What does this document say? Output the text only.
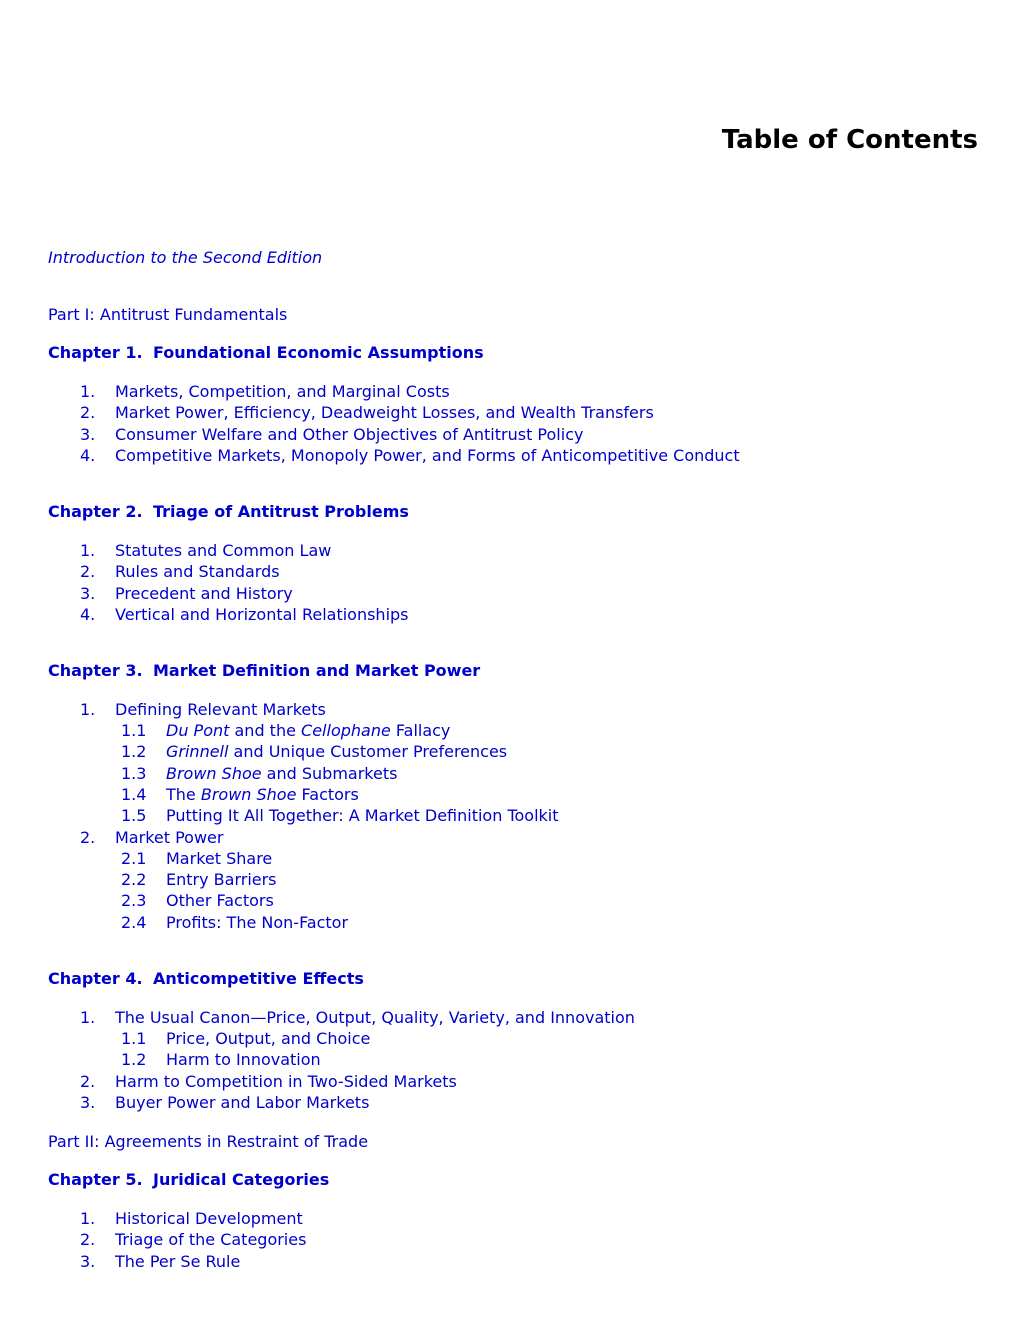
Table of Contents
Introduction to the Second Edition
Part I: Antitrust Fundamentals
Chapter 1. Foundational Economic Assumptions
1. Markets, Competition, and Marginal Costs
2. Market Power, Efficiency, Deadweight Losses, and Wealth Transfers
3. Consumer Welfare and Other Objectives of Antitrust Policy
4. Competitive Markets, Monopoly Power, and Forms of Anticompetitive Conduct
Chapter 2. Triage of Antitrust Problems
1. Statutes and Common Law
2. Rules and Standards
3. Precedent and History
4. Vertical and Horizontal Relationships
Chapter 3. Market Definition and Market Power
1. Defining Relevant Markets
1.1 Du Pont and the Cellophane Fallacy
1.2 Grinnell and Unique Customer Preferences
1.3 Brown Shoe and Submarkets
1.4 The Brown Shoe Factors
1.5 Putting It All Together: A Market Definition Toolkit
2. Market Power
2.1 Market Share
2.2 Entry Barriers
2.3 Other Factors
2.4 Profits: The Non-Factor
Chapter 4. Anticompetitive Effects
1. The Usual Canon—Price, Output, Quality, Variety, and Innovation
1.1 Price, Output, and Choice
1.2 Harm to Innovation
2. Harm to Competition in Two-Sided Markets
3. Buyer Power and Labor Markets
Part II: Agreements in Restraint of Trade
Chapter 5. Juridical Categories
1. Historical Development
2. Triage of the Categories
3. The Per Se Rule
